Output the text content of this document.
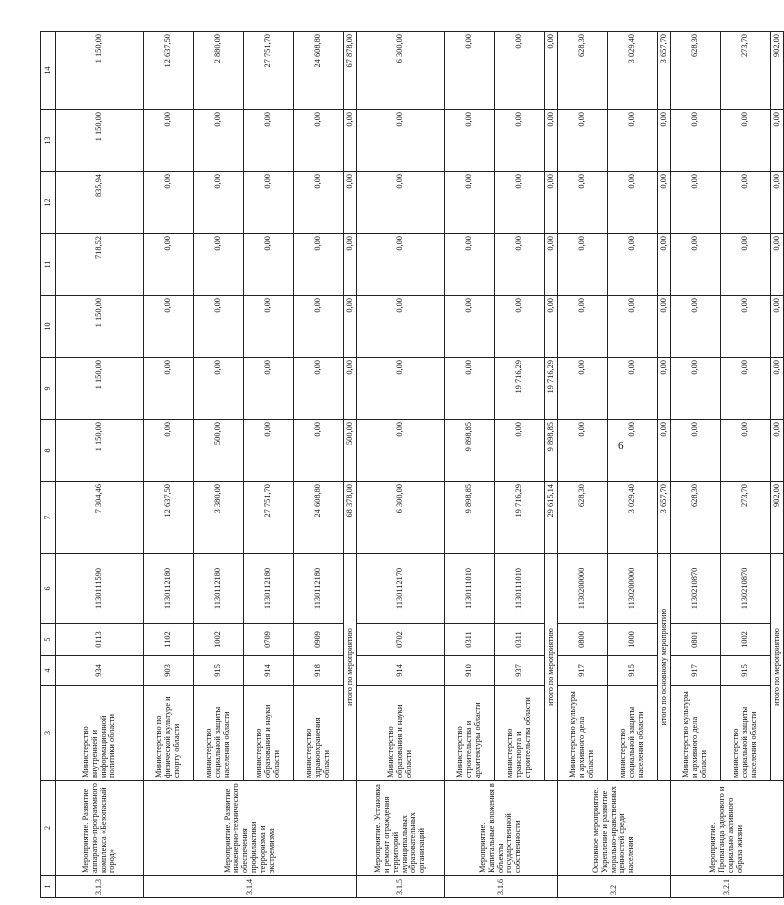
6
1	2	3	4	5	6	7	8	9	10	11	12	13	14
3.1.3	Мероприятие. Развитие аппаратно-программного комплекса «Безопасный город»	Министерство внутренней и информационной политики области	934	0113	1130111590	7 304,46	1 150,00	1 150,00	1 150,00	718,52	835,94	1 150,00	1 150,00
3.1.4	Мероприятие. Развитие инженерно-технического обеспечения профилактики терроризма и экстремизма	Министерство по физической культуре и спорту области	903	1102	1130112180	12 637,50	0,00	0,00	0,00	0,00	0,00	0,00	12 637,50
		министерство социальной защиты населения области	915	1002	1130112180	3 380,00	500,00	0,00	0,00	0,00	0,00	0,00	2 880,00
		министерство образования и науки области	914	0709	1130112180	27 751,70	0,00	0,00	0,00	0,00	0,00	0,00	27 751,70
		министерство здравоохранения области	918	0909	1130112180	24 608,80	0,00	0,00	0,00	0,00	0,00	0,00	24 608,80
		итого по мероприятию				68 378,00	500,00	0,00	0,00	0,00	0,00	0,00	67 878,00
3.1.5	Мероприятие. Установка и ремонт ограждения территорий муниципальных образовательных организаций	Министерство образования и науки области	914	0702	1130112170	6 300,00	0,00	0,00	0,00	0,00	0,00	0,00	6 300,00
3.1.6	Мероприятие. Капитальные вложения в объекты государственной собственности	Министерство строительства и архитектуры области	910	0311	1130111010	9 898,85	9 898,85	0,00	0,00	0,00	0,00	0,00	0,00
		министерство транспорта и строительства области	937	0311	1130111010	19 716,29	0,00	19 716,29	0,00	0,00	0,00	0,00	0,00
		итого по мероприятию				29 615,14	9 898,85	19 716,29	0,00	0,00	0,00	0,00	0,00
3.2	Основное мероприятие. Укрепление и развитие морально-нравственных ценностей среди населения	Министерство культуры и архивного дела области	917	0800	1130200000	628,30	0,00	0,00	0,00	0,00	0,00	0,00	628,30
		министерство социальной защиты населения области	915	1000	1130200000	3 029,40	0,00	0,00	0,00	0,00	0,00	0,00	3 029,40
		итого по основному мероприятию				3 657,70	0,00	0,00	0,00	0,00	0,00	0,00	3 657,70
3.2.1	Мероприятие. Пропаганда здорового и социально активного образа жизни	Министерство культуры и архивного дела области	917	0801	1130210870	628,30	0,00	0,00	0,00	0,00	0,00	0,00	628,30
		министерство социальной защиты населения области	915	1002	1130210870	273,70	0,00	0,00	0,00	0,00	0,00	0,00	273,70
		итого по мероприятию				902,00	0,00	0,00	0,00	0,00	0,00	0,00	902,00
